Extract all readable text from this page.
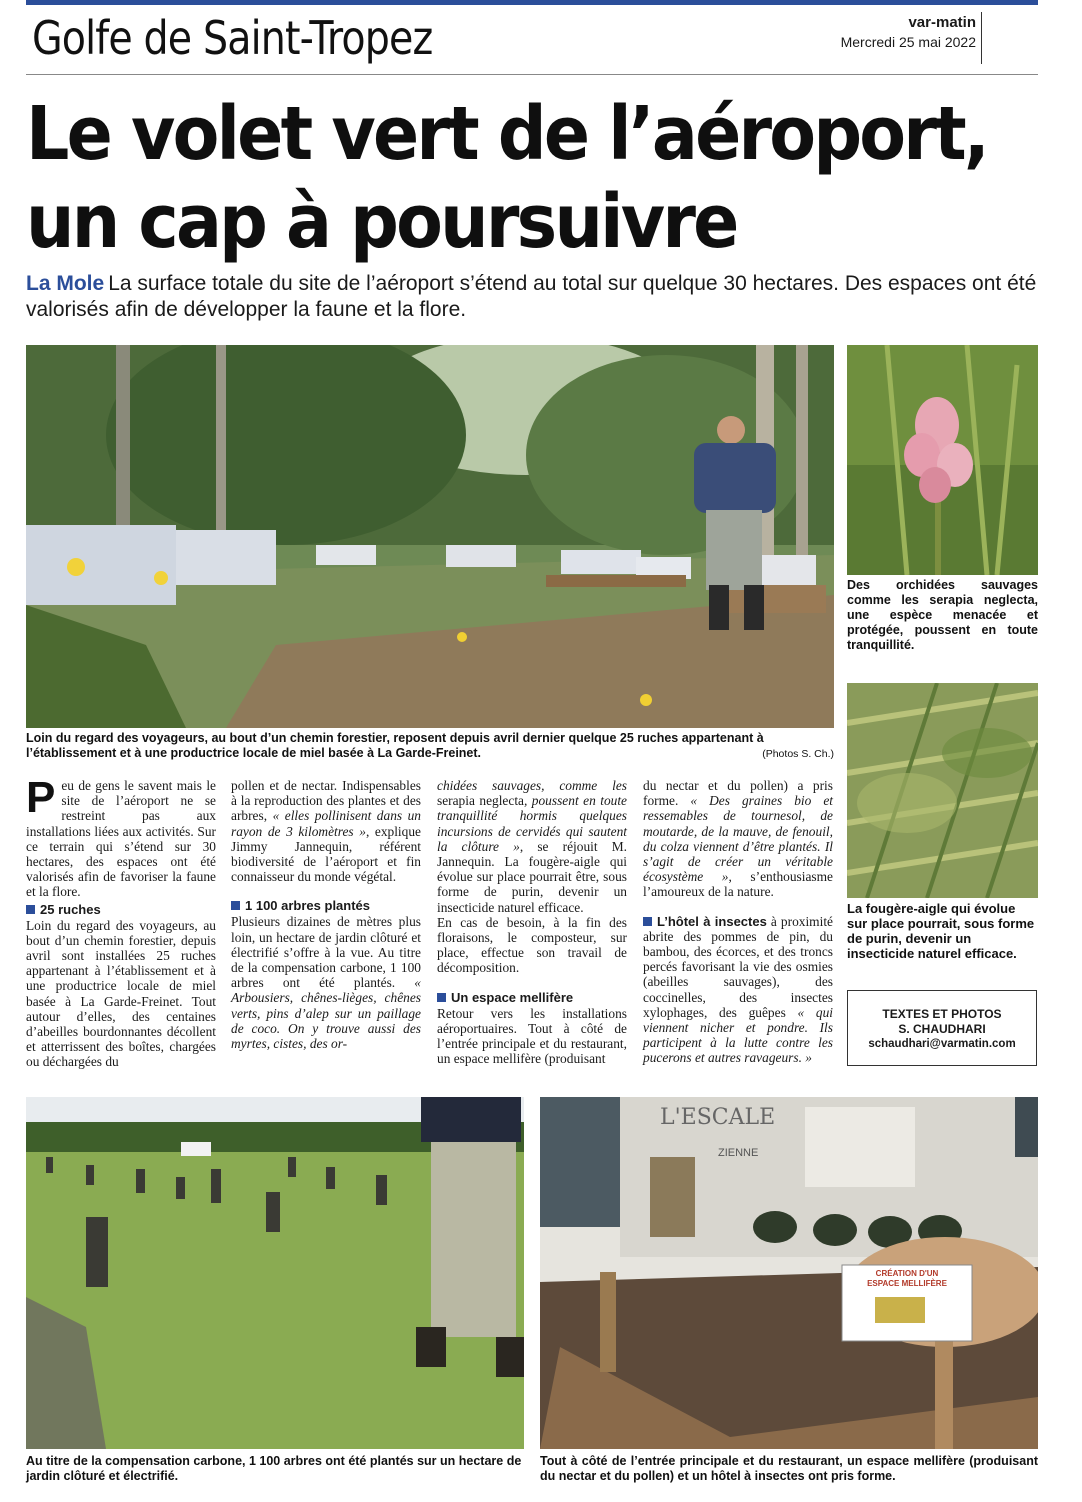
Golfe de Saint-Tropez	var-matin
Mercredi 25 mai 2022
Le volet vert de l’aéroport,
un cap à poursuivre
La Mole La surface totale du site de l’aéroport s’étend au total sur quelque 30 hectares. Des espaces ont été valorisés afin de développer la faune et la flore.
Loin du regard des voyageurs, au bout d’un chemin forestier, reposent depuis avril dernier quelque 25 ruches appartenant à l’établissement et à une productrice locale de miel basée à La Garde-Freinet.	(Photos S. Ch.)
Des orchidées sauvages comme les serapia neglecta, une espèce menacée et protégée, poussent en toute tranquillité.
La fougère-aigle qui évolue sur place pourrait, sous forme de purin, devenir un insecticide naturel efficace.
TEXTES ET PHOTOS
S. CHAUDHARI
schaudhari@varmatin.com

Peu de gens le savent mais le site de l’aéroport ne se restreint pas aux installations liées aux activités. Sur ce terrain qui s’étend sur 30 hectares, des espaces ont été valorisés afin de favoriser la faune et la flore.

25 ruches

Loin du regard des voyageurs, au bout d’un chemin forestier, depuis avril sont installées 25 ruches appartenant à l’établissement et à une productrice locale de miel basée à La Garde-Freinet. Tout autour d’elles, des centaines d’abeilles bourdonnantes décollent et atterrissent des boîtes, chargées ou déchargées du

pollen et de nectar. Indispensables à la reproduction des plantes et des arbres, « elles pollinisent dans un rayon de 3 kilomètres », explique Jimmy Jannequin, référent biodiversité de l’aéroport et fin connaisseur du monde végétal.

1 100 arbres plantés

Plusieurs dizaines de mètres plus loin, un hectare de jardin clôturé et électrifié s’offre à la vue. Au titre de la compensation carbone, 1 100 arbres ont été plantés. « Arbousiers, chênes-lièges, chênes verts, pins d’alep sur un paillage de coco. On y trouve aussi des myrtes, cistes, des or-

chidées sauvages, comme les serapia neglecta, poussent en toute tranquillité hormis quelques incursions de cervidés qui sautent la clôture », se réjouit M. Jannequin. La fougère-aigle qui évolue sur place pourrait être, sous forme de purin, devenir un insecticide naturel efficace.

En cas de besoin, à la fin des floraisons, le composteur, sur place, effectue son travail de décomposition.

Un espace mellifère

Retour vers les installations aéroportuaires. Tout à côté de l’entrée principale et du restaurant, un espace mellifère (produisant

du nectar et du pollen) a pris forme. « Des graines bio et ressemables de tournesol, de moutarde, de la mauve, de fenouil, du colza viennent d’être plantés. Il s’agit de créer un véritable écosystème », s’enthousiasme l’amoureux de la nature.

L’hôtel à insectes à proximité abrite des pommes de pin, du bambou, des écorces, et des troncs percés favorisant la vie des osmies (abeilles sauvages), des coccinelles, des insectes xylophages, des guêpes « qui viennent nicher et pondre. Ils participent à la lutte contre les pucerons et autres ravageurs. »

Au titre de la compensation carbone, 1 100 arbres ont été plantés sur un hectare de jardin clôturé et électrifié.
L'ESCALE
ZIENNE
CRÉATION D'UN
ESPACE MELLIFÈRE
Tout à côté de l’entrée principale et du restaurant, un espace mellifère (produisant du nectar et du pollen) et un hôtel à insectes ont pris forme.
